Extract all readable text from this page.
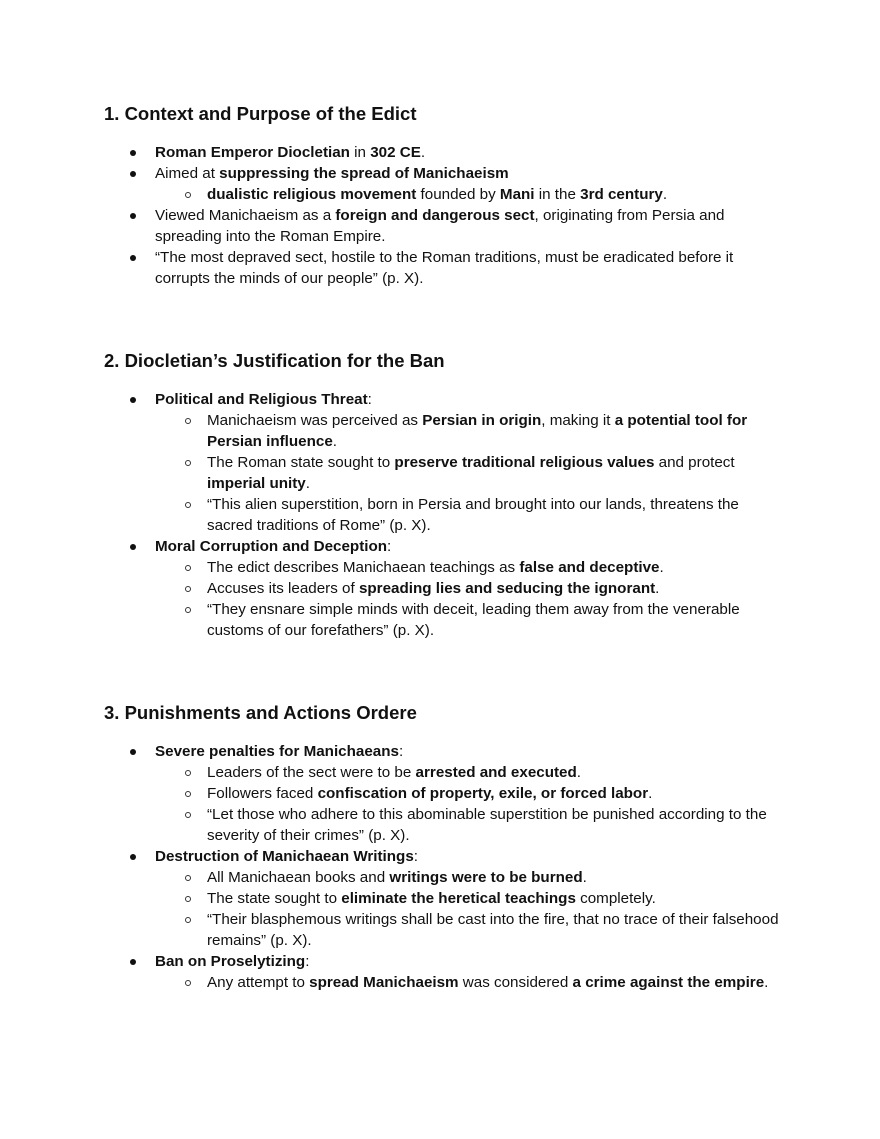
1. Context and Purpose of the Edict
Roman Emperor Diocletian in 302 CE.
Aimed at suppressing the spread of Manichaeism
dualistic religious movement founded by Mani in the 3rd century.
Viewed Manichaeism as a foreign and dangerous sect, originating from Persia and spreading into the Roman Empire.
“The most depraved sect, hostile to the Roman traditions, must be eradicated before it corrupts the minds of our people” (p. X).
2. Diocletian’s Justification for the Ban
Political and Religious Threat:
Manichaeism was perceived as Persian in origin, making it a potential tool for Persian influence.
The Roman state sought to preserve traditional religious values and protect imperial unity.
“This alien superstition, born in Persia and brought into our lands, threatens the sacred traditions of Rome” (p. X).
Moral Corruption and Deception:
The edict describes Manichaean teachings as false and deceptive.
Accuses its leaders of spreading lies and seducing the ignorant.
“They ensnare simple minds with deceit, leading them away from the venerable customs of our forefathers” (p. X).
3. Punishments and Actions Ordere
Severe penalties for Manichaeans:
Leaders of the sect were to be arrested and executed.
Followers faced confiscation of property, exile, or forced labor.
“Let those who adhere to this abominable superstition be punished according to the severity of their crimes” (p. X).
Destruction of Manichaean Writings:
All Manichaean books and writings were to be burned.
The state sought to eliminate the heretical teachings completely.
“Their blasphemous writings shall be cast into the fire, that no trace of their falsehood remains” (p. X).
Ban on Proselytizing:
Any attempt to spread Manichaeism was considered a crime against the empire.
